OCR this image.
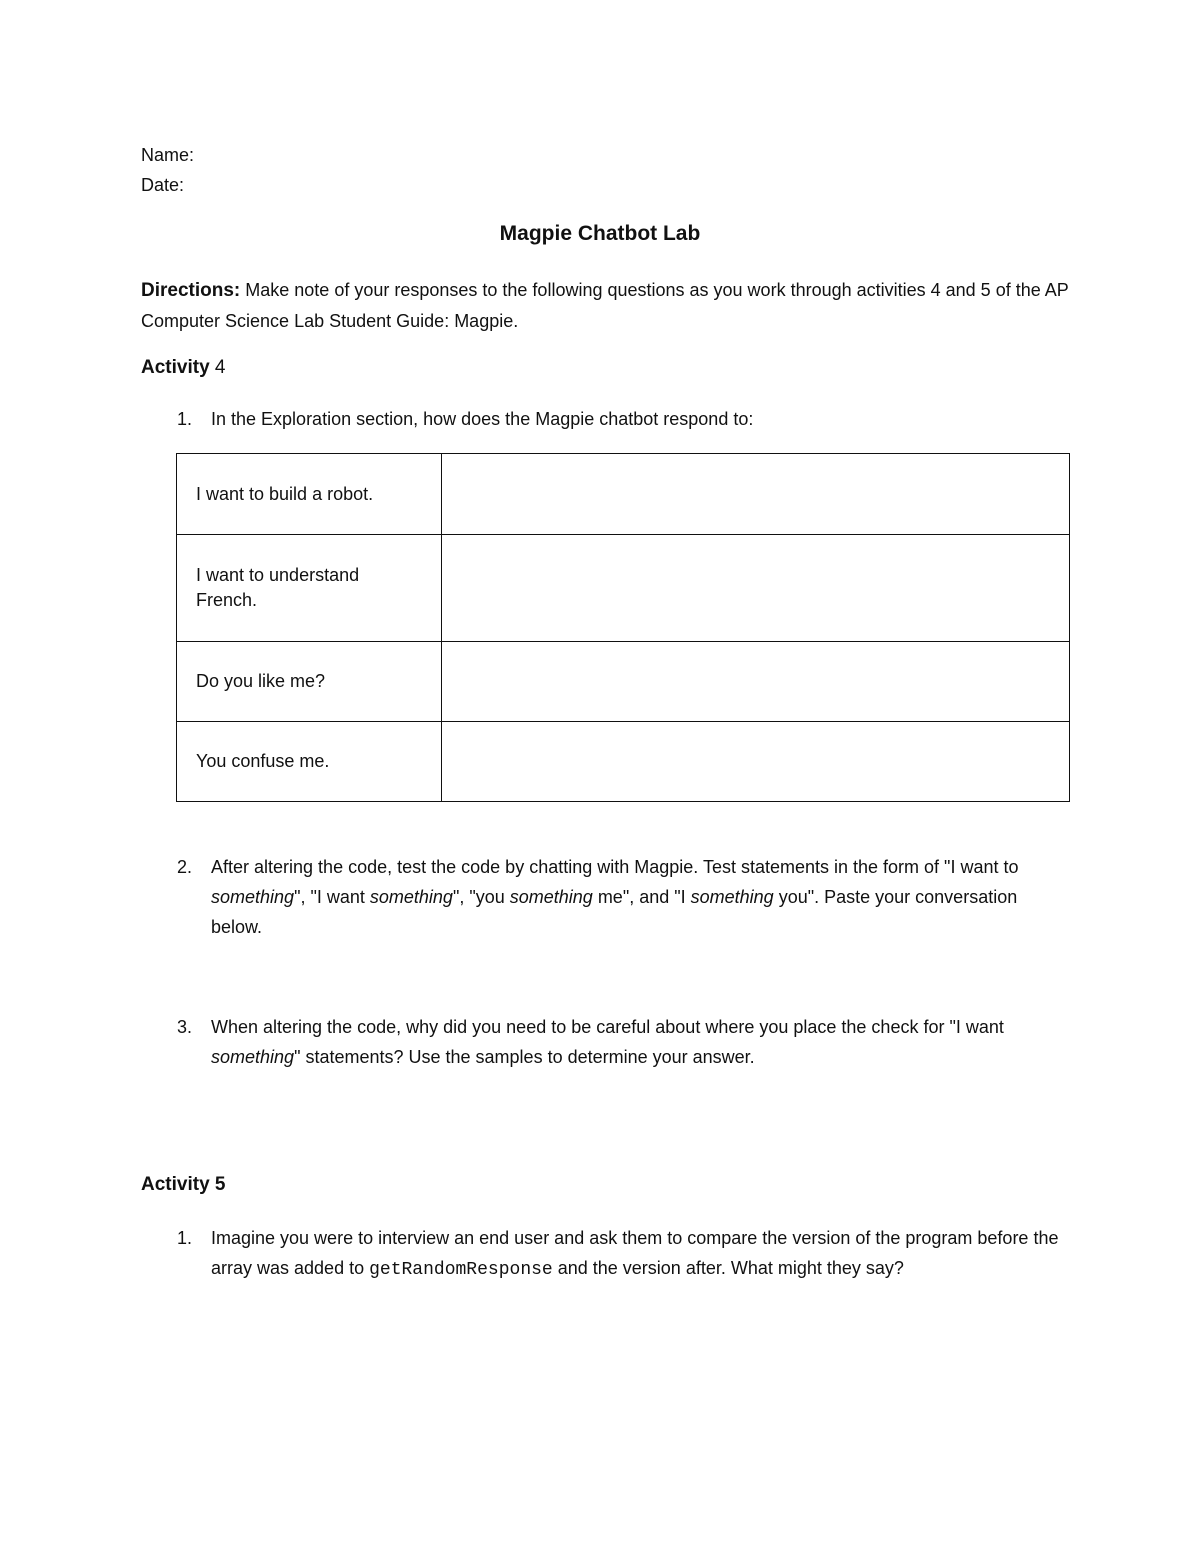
Name:
Date:
Magpie Chatbot Lab
Directions: Make note of your responses to the following questions as you work through activities 4 and 5 of the AP Computer Science Lab Student Guide: Magpie.
Activity 4
1. In the Exploration section, how does the Magpie chatbot respond to:
I want to build a robot.	
I want to understand French.	
Do you like me?	
You confuse me.	
2. After altering the code, test the code by chatting with Magpie. Test statements in the form of "I want to something", "I want something", "you something me", and "I something you". Paste your conversation below.
3. When altering the code, why did you need to be careful about where you place the check for "I want something" statements? Use the samples to determine your answer.
Activity 5
1. Imagine you were to interview an end user and ask them to compare the version of the program before the array was added to getRandomResponse and the version after. What might they say?
